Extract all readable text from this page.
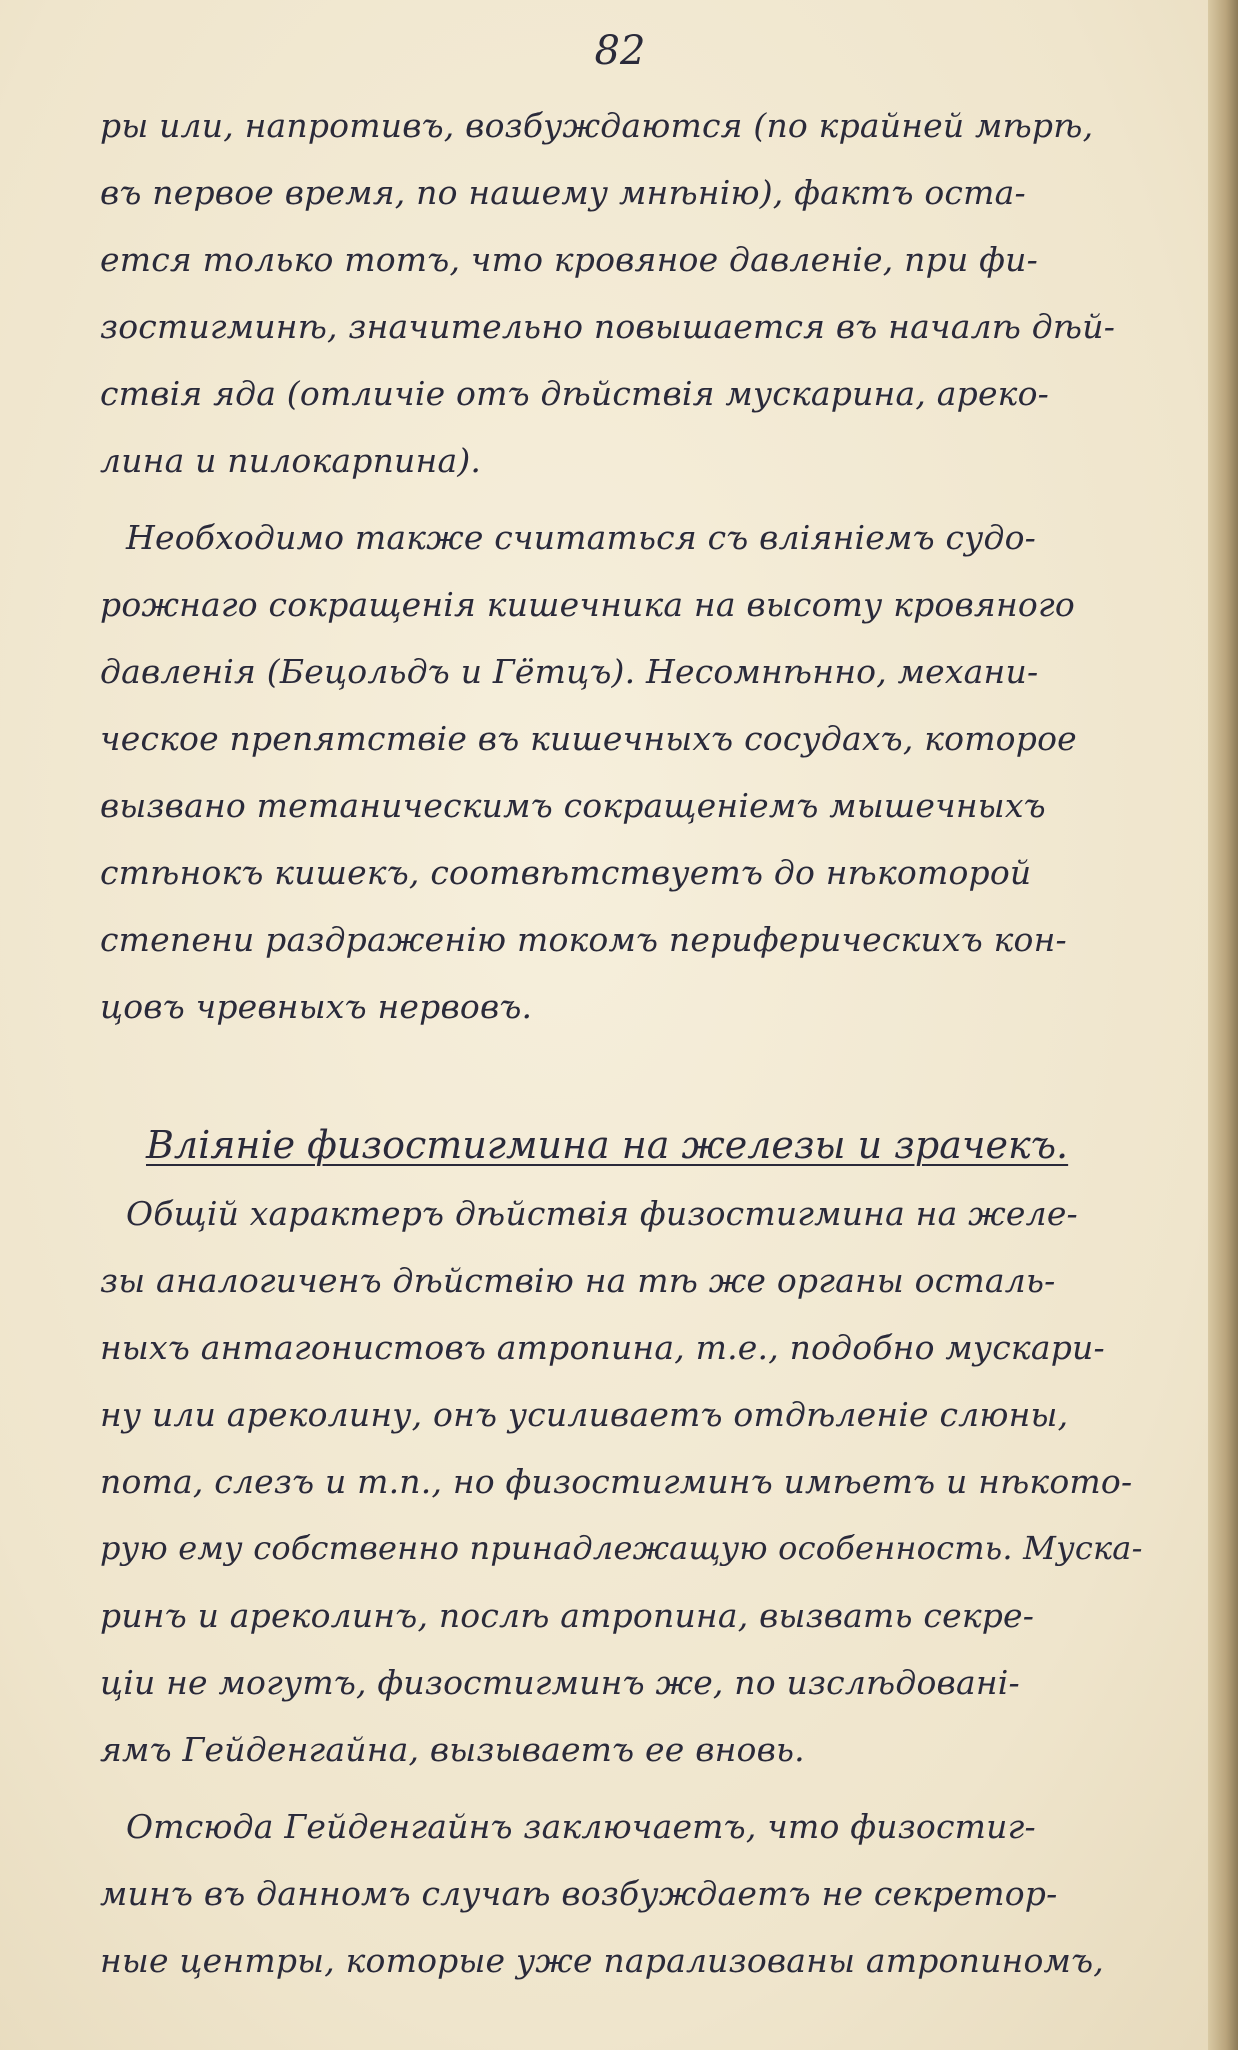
82
ры или, напротивъ, возбуждаются (по крайней мѣрѣ,
въ первое время, по нашему мнѣнію), фактъ оста-
ется только тотъ, что кровяное давленіе, при фи-
зостигминѣ, значительно повышается въ началѣ дѣй-
ствія яда (отличіе отъ дѣйствія мускарина, ареко-
лина и пилокарпина).
Необходимо также считаться съ вліяніемъ судо-
рожнаго сокращенія кишечника на высоту кровяного
давленія (Бецольдъ и Гётцъ). Несомнѣнно, механи-
ческое препятствіе въ кишечныхъ сосудахъ, которое
вызвано тетаническимъ сокращеніемъ мышечныхъ
стѣнокъ кишекъ, соотвѣтствуетъ до нѣкоторой
степени раздраженію токомъ периферическихъ кон-
цовъ чревныхъ нервовъ.
Вліяніе физостигмина на железы и зрачекъ.
Общій характеръ дѣйствія физостигмина на желе-
зы аналогиченъ дѣйствію на тѣ же органы осталь-
ныхъ антагонистовъ атропина, т.е., подобно мускари-
ну или ареколину, онъ усиливаетъ отдѣленіе слюны,
пота, слезъ и т.п., но физостигминъ имѣетъ и нѣкото-
рую ему собственно принадлежащую особенность. Муска-
ринъ и ареколинъ, послѣ атропина, вызвать секре-
ціи не могутъ, физостигминъ же, по изслѣдовані-
ямъ Гейденгайна, вызываетъ ее вновь.
Отсюда Гейденгайнъ заключаетъ, что физостиг-
минъ въ данномъ случаѣ возбуждаетъ не секретор-
ные центры, которые уже парализованы атропиномъ,
